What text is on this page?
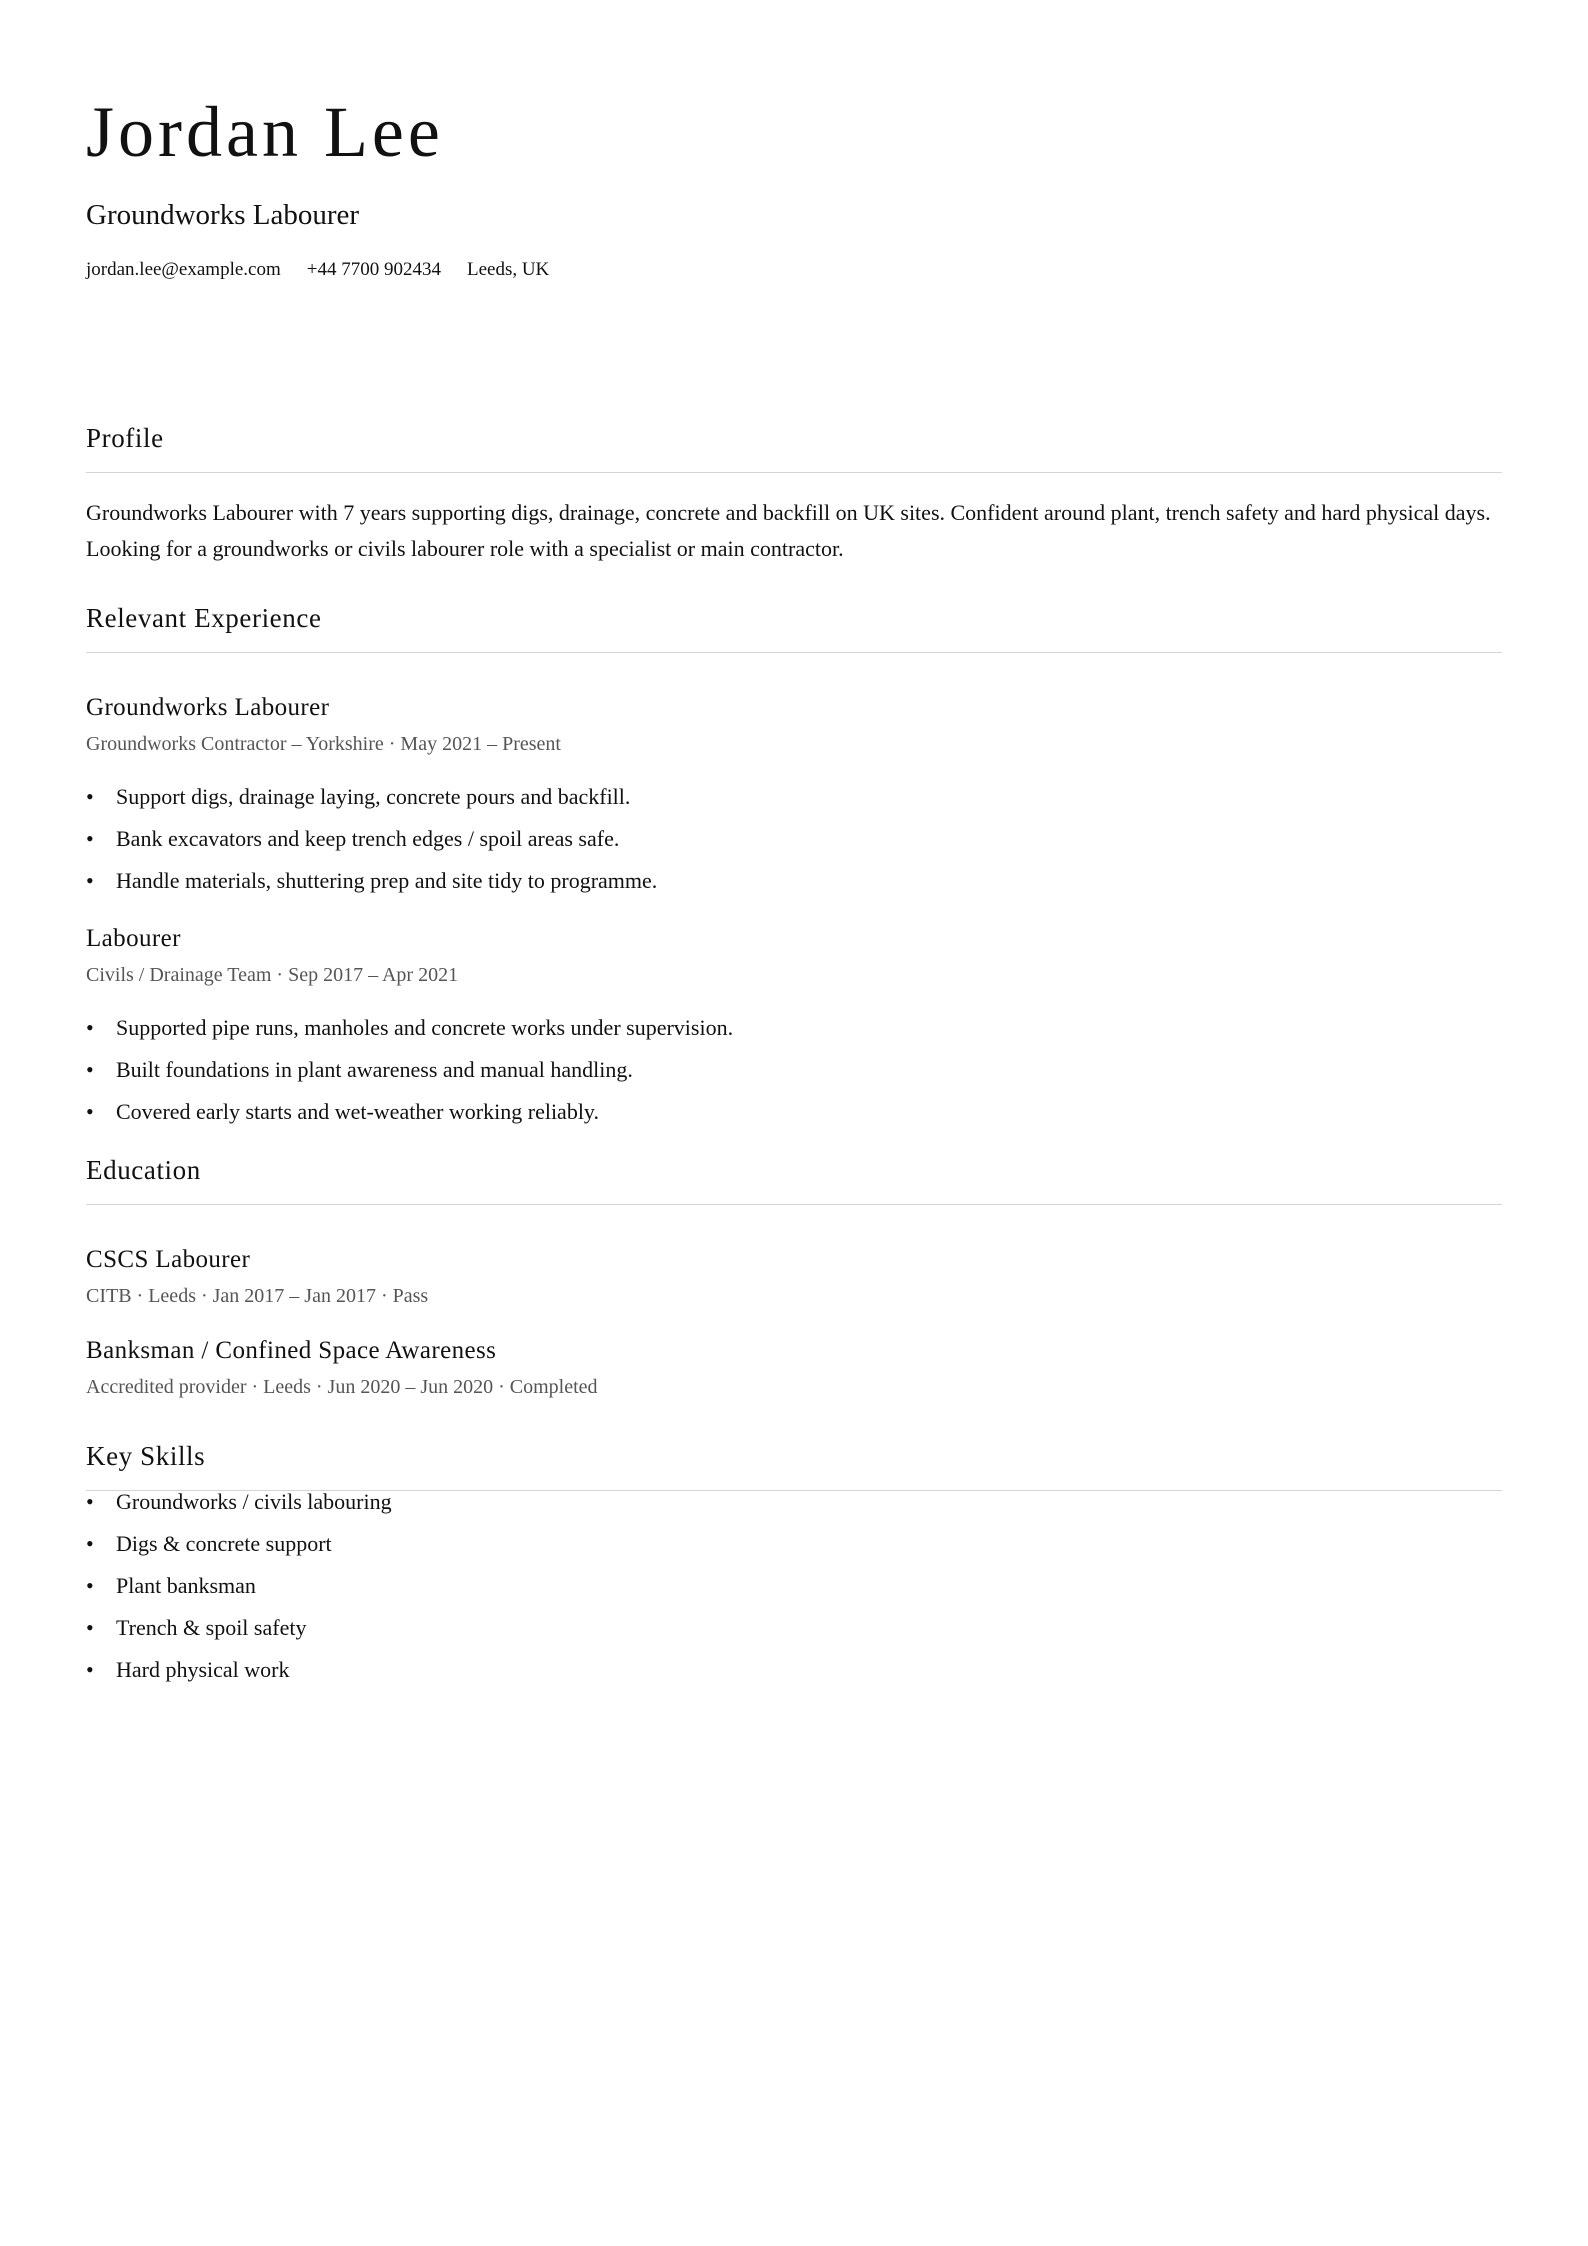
Jordan Lee
Groundworks Labourer
jordan.lee@example.com +44 7700 902434 Leeds, UK
Profile

Groundworks Labourer with 7 years supporting digs, drainage, concrete and backfill on UK sites. Confident around plant, trench safety and hard physical days. Looking for a groundworks or civils labourer role with a specialist or main contractor.

Relevant Experience
Groundworks Labourer
Groundworks Contractor – Yorkshire · May 2021 – Present
• Support digs, drainage laying, concrete pours and backfill.
• Bank excavators and keep trench edges / spoil areas safe.
• Handle materials, shuttering prep and site tidy to programme.
Labourer
Civils / Drainage Team · Sep 2017 – Apr 2021
• Supported pipe runs, manholes and concrete works under supervision.
• Built foundations in plant awareness and manual handling.
• Covered early starts and wet-weather working reliably.
Education
CSCS Labourer
CITB · Leeds · Jan 2017 – Jan 2017 · Pass
Banksman / Confined Space Awareness
Accredited provider · Leeds · Jun 2020 – Jun 2020 · Completed
Key Skills
• Groundworks / civils labouring
• Digs & concrete support
• Plant banksman
• Trench & spoil safety
• Hard physical work
